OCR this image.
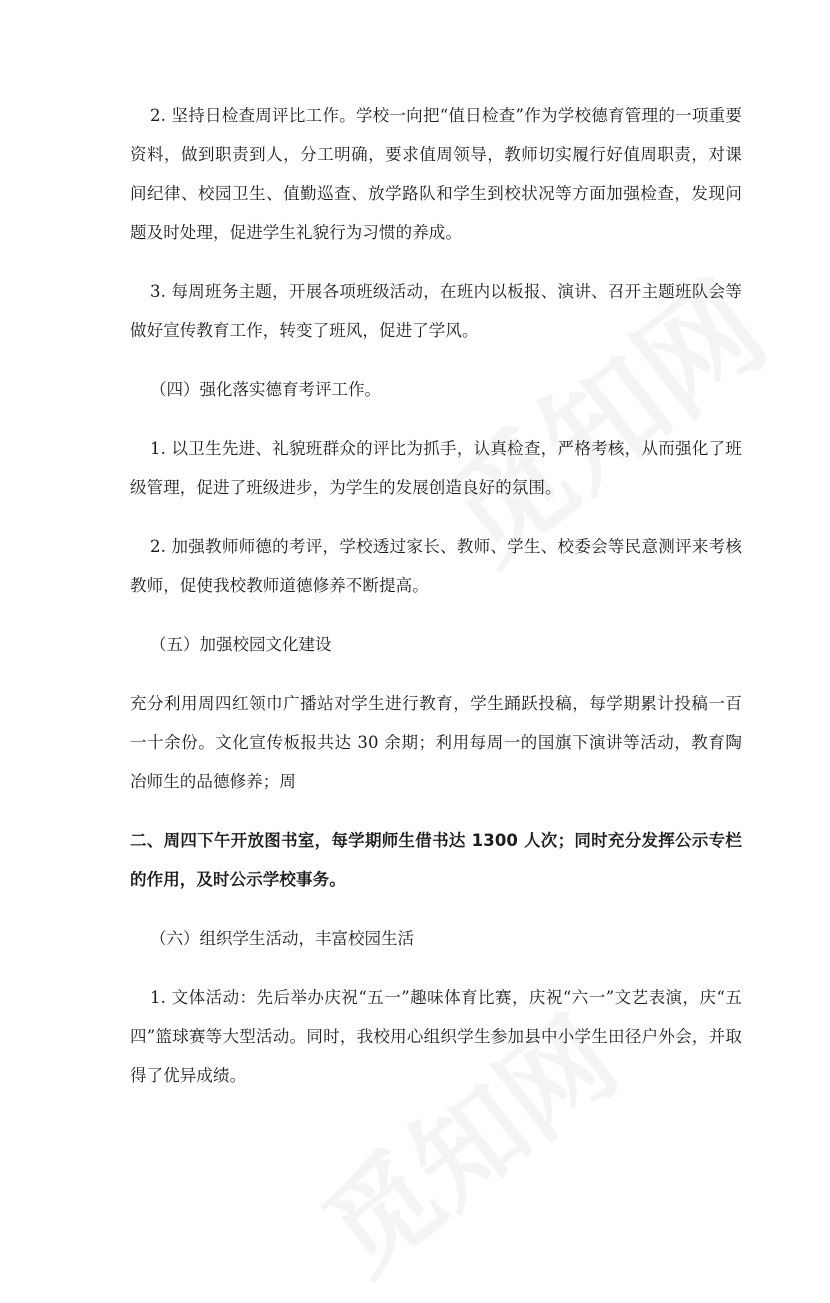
2. 坚持日检查周评比工作。学校一向把“值日检查”作为学校德育管理的一项重要资料，做到职责到人，分工明确，要求值周领导，教师切实履行好值周职责，对课间纪律、校园卫生、值勤巡查、放学路队和学生到校状况等方面加强检查，发现问题及时处理，促进学生礼貌行为习惯的养成。

3. 每周班务主题，开展各项班级活动，在班内以板报、演讲、召开主题班队会等做好宣传教育工作，转变了班风，促进了学风。

（四）强化落实德育考评工作。

1. 以卫生先进、礼貌班群众的评比为抓手，认真检查，严格考核，从而强化了班级管理，促进了班级进步，为学生的发展创造良好的氛围。

2. 加强教师师德的考评，学校透过家长、教师、学生、校委会等民意测评来考核教师，促使我校教师道德修养不断提高。

（五）加强校园文化建设

充分利用周四红领巾广播站对学生进行教育，学生踊跃投稿，每学期累计投稿一百一十余份。文化宣传板报共达 30 余期；利用每周一的国旗下演讲等活动，教育陶冶师生的品德修养；周

二、周四下午开放图书室，每学期师生借书达 1300 人次；同时充分发挥公示专栏的作用，及时公示学校事务。

（六）组织学生活动，丰富校园生活

1. 文体活动：先后举办庆祝“五一”趣味体育比赛，庆祝“六一”文艺表演，庆“五四”篮球赛等大型活动。同时，我校用心组织学生参加县中小学生田径户外会，并取得了优异成绩。
